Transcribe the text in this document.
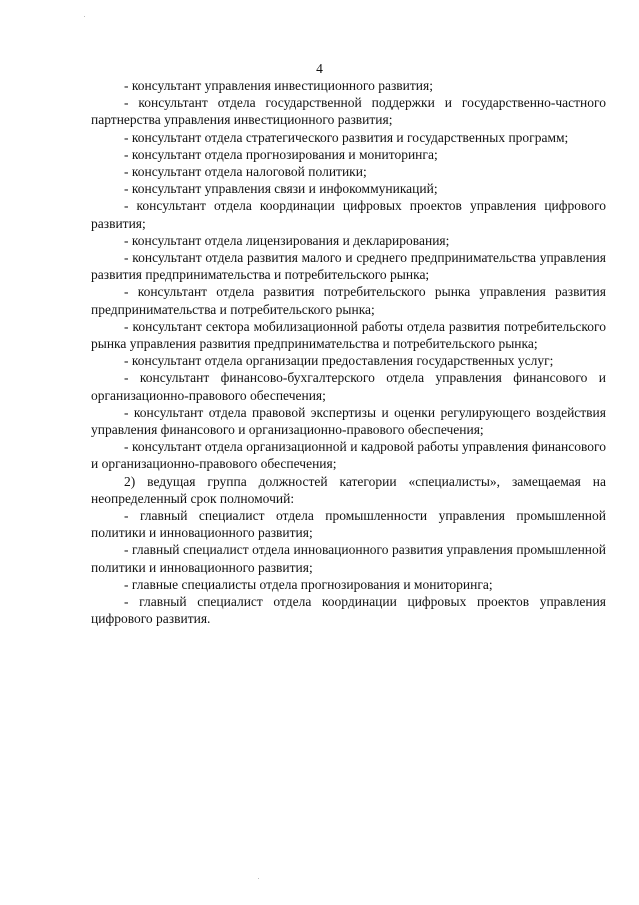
4

- консультант управления инвестиционного развития;

- консультант отдела государственной поддержки и государственно-частного партнерства управления инвестиционного развития;

- консультант отдела стратегического развития и государственных программ;

- консультант отдела прогнозирования и мониторинга;

- консультант отдела налоговой политики;

- консультант управления связи и инфокоммуникаций;

- консультант отдела координации цифровых проектов управления цифрового развития;

- консультант отдела лицензирования и декларирования;

- консультант отдела развития малого и среднего предпринимательства управления развития предпринимательства и потребительского рынка;

- консультант отдела развития потребительского рынка управления развития предпринимательства и потребительского рынка;

- консультант сектора мобилизационной работы отдела развития потребительского рынка управления развития предпринимательства и потребительского рынка;

- консультант отдела организации предоставления государственных услуг;

- консультант финансово-бухгалтерского отдела управления финансового и организационно-правового обеспечения;

- консультант отдела правовой экспертизы и оценки регулирующего воздействия управления финансового и организационно-правового обеспечения;

- консультант отдела организационной и кадровой работы управления финансового и организационно-правового обеспечения;

2) ведущая группа должностей категории «специалисты», замещаемая на неопределенный срок полномочий:

- главный специалист отдела промышленности управления промышленной политики и инновационного развития;

- главный специалист отдела инновационного развития управления промышленной политики и инновационного развития;

- главные специалисты отдела прогнозирования и мониторинга;

- главный специалист отдела координации цифровых проектов управления цифрового развития.
